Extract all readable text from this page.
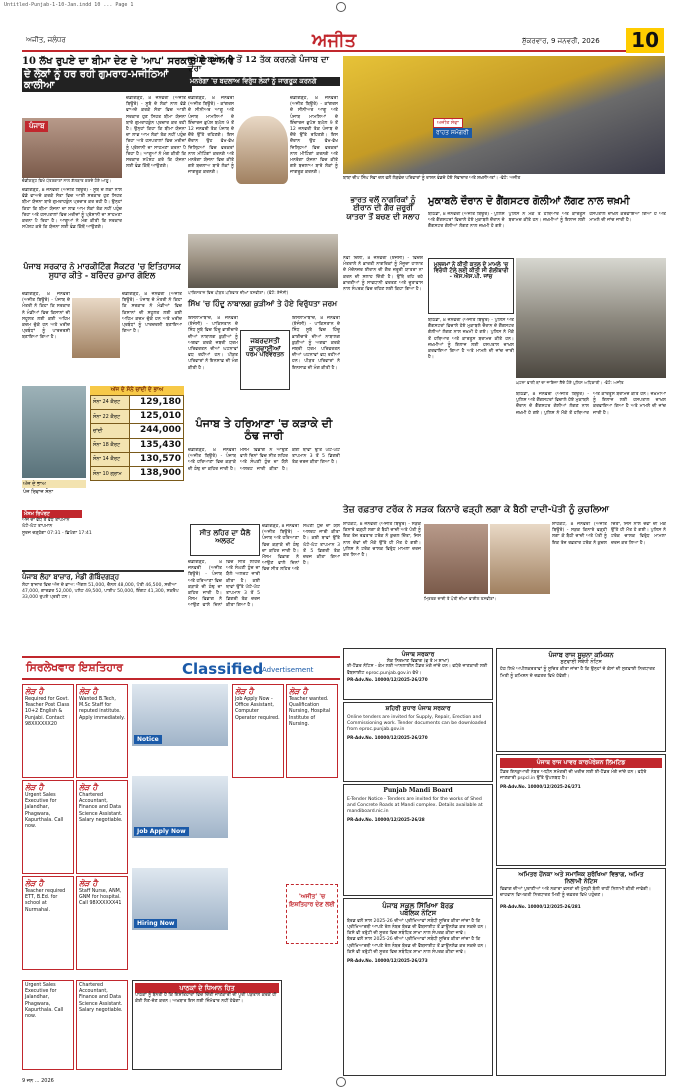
Untitled-Punjab-1-10-Jan.indd 10 ... Page 1
ਅਜੀਤ, ਜਲੰਧਰ	ਅਜੀਤ	ਸ਼ੁੱਕਰਵਾਰ, 9 ਜਨਵਰੀ, 2026 10
10 ਲੱਖ ਰੁਪਏ ਦਾ ਬੀਮਾ ਦੇਣ ਦੇ 'ਆਪ' ਸਰਕਾਰ ਦੇ ਦਾਅਵੇ
ਦੇ ਲੋਕਾਂ ਨੂੰ ਹਰ ਰਹੀ ਗੁਮਰਾਹ-ਮਜੀਠਿਆਂ ਕਾਲੀਆ
ਪੰਜਾਬ
ਚੰਡੀਗੜ੍ਹ ਵਿਖੇ ਪੱਤਰਕਾਰਾਂ ਨਾਲ ਗੱਲਬਾਤ ਕਰਦੇ ਹੋਏ ਆਗੂ।
ਚੰਡੀਗੜ੍ਹ, 8 ਜਨਵਰੀ (ਅਜੀਤ ਬਿਊਰੋ) - ਸੂਬੇ ਦੇ ਲੋਕਾਂ ਨਾਲ ਵੱਡੇ ਵਾਅਦੇ ਕਰਕੇ ਸੱਤਾ ਵਿਚ ਆਈ ਸਰਕਾਰ ਹੁਣ ਸਿਹਤ ਬੀਮਾ ਯੋਜਨਾ ਬਾਰੇ ਗੁਮਰਾਹਕੁੰਨ ਪ੍ਰਚਾਰ ਕਰ ਰਹੀ ਹੈ। ਉਨ੍ਹਾਂ ਕਿਹਾ ਕਿ ਬੀਮਾ ਯੋਜਨਾ ਦਾ ਲਾਭ ਆਮ ਲੋਕਾਂ ਤੱਕ ਨਹੀਂ ਪਹੁੰਚ ਰਿਹਾ ਅਤੇ ਹਸਪਤਾਲਾਂ ਵਿਚ ਮਰੀਜ਼ਾਂ ਨੂੰ ਪ੍ਰੇਸ਼ਾਨੀ ਦਾ ਸਾਹਮਣਾ ਕਰਨਾ ਪੈ ਰਿਹਾ ਹੈ। ਆਗੂਆਂ ਨੇ ਮੰਗ ਕੀਤੀ ਕਿ ਸਰਕਾਰ ਸਪੱਸ਼ਟ ਕਰੇ ਕਿ ਯੋਜਨਾ ਲਈ ਫੰਡ ਕਿੱਥੋਂ ਆਉਣਗੇ।
ਚੰਡੀਗੜ੍ਹ, 8 ਜਨਵਰੀ (ਅਜੀਤ ਬਿਊਰੋ) - ਸੂਬੇ ਦੇ ਲੋਕਾਂ ਨਾਲ ਵੱਡੇ ਵਾਅਦੇ ਕਰਕੇ ਸੱਤਾ ਵਿਚ ਆਈ ਸਰਕਾਰ ਹੁਣ ਸਿਹਤ ਬੀਮਾ ਯੋਜਨਾ ਬਾਰੇ ਗੁਮਰਾਹਕੁੰਨ ਪ੍ਰਚਾਰ ਕਰ ਰਹੀ ਹੈ। ਉਨ੍ਹਾਂ ਕਿਹਾ ਕਿ ਬੀਮਾ ਯੋਜਨਾ ਦਾ ਲਾਭ ਆਮ ਲੋਕਾਂ ਤੱਕ ਨਹੀਂ ਪਹੁੰਚ ਰਿਹਾ ਅਤੇ ਹਸਪਤਾਲਾਂ ਵਿਚ ਮਰੀਜ਼ਾਂ ਨੂੰ ਪ੍ਰੇਸ਼ਾਨੀ ਦਾ ਸਾਹਮਣਾ ਕਰਨਾ ਪੈ ਰਿਹਾ ਹੈ। ਆਗੂਆਂ ਨੇ ਮੰਗ ਕੀਤੀ ਕਿ ਸਰਕਾਰ ਸਪੱਸ਼ਟ ਕਰੇ ਕਿ ਯੋਜਨਾ ਲਈ ਫੰਡ ਕਿੱਥੋਂ ਆਉਣਗੇ।
ਭੁਪੇਸ਼ ਬਘੇਲ 9 ਤੋਂ 12 ਤੱਕ ਕਰਨਗੇ ਪੰਜਾਬ ਦਾ ਦੌਰਾ
ਮਨਰੇਗਾ 'ਚ ਬਦਲਾਅ ਵਿਰੁੱਧ ਲੋਕਾਂ ਨੂੰ ਜਾਗਰੂਕ ਕਰਨਗੇ
ਚੰਡੀਗੜ੍ਹ, 8 ਜਨਵਰੀ (ਅਜੀਤ ਬਿਊਰੋ) - ਕਾਂਗਰਸ ਦੇ ਸੀਨੀਅਰ ਆਗੂ ਅਤੇ ਪੰਜਾਬ ਮਾਮਲਿਆਂ ਦੇ ਇੰਚਾਰਜ ਭੁਪੇਸ਼ ਬਘੇਲ 9 ਤੋਂ 12 ਜਨਵਰੀ ਤੱਕ ਪੰਜਾਬ ਦੇ ਦੌਰੇ ਉੱਤੇ ਰਹਿਣਗੇ। ਇਸ ਦੌਰਾਨ ਉਹ ਵੱਖ-ਵੱਖ ਜ਼ਿਲ੍ਹਿਆਂ ਵਿਚ ਵਰਕਰਾਂ ਨਾਲ ਮੀਟਿੰਗਾਂ ਕਰਨਗੇ ਅਤੇ ਮਨਰੇਗਾ ਯੋਜਨਾ ਵਿਚ ਕੀਤੇ ਗਏ ਬਦਲਾਅ ਬਾਰੇ ਲੋਕਾਂ ਨੂੰ ਜਾਗਰੂਕ ਕਰਨਗੇ।
ਚੰਡੀਗੜ੍ਹ, 8 ਜਨਵਰੀ (ਅਜੀਤ ਬਿਊਰੋ) - ਕਾਂਗਰਸ ਦੇ ਸੀਨੀਅਰ ਆਗੂ ਅਤੇ ਪੰਜਾਬ ਮਾਮਲਿਆਂ ਦੇ ਇੰਚਾਰਜ ਭੁਪੇਸ਼ ਬਘੇਲ 9 ਤੋਂ 12 ਜਨਵਰੀ ਤੱਕ ਪੰਜਾਬ ਦੇ ਦੌਰੇ ਉੱਤੇ ਰਹਿਣਗੇ। ਇਸ ਦੌਰਾਨ ਉਹ ਵੱਖ-ਵੱਖ ਜ਼ਿਲ੍ਹਿਆਂ ਵਿਚ ਵਰਕਰਾਂ ਨਾਲ ਮੀਟਿੰਗਾਂ ਕਰਨਗੇ ਅਤੇ ਮਨਰੇਗਾ ਯੋਜਨਾ ਵਿਚ ਕੀਤੇ ਗਏ ਬਦਲਾਅ ਬਾਰੇ ਲੋਕਾਂ ਨੂੰ ਜਾਗਰੂਕ ਕਰਨਗੇ।
ਅਜੀਤ ਸੇਵਾ
ਰਾਹਤ ਸਮੱਗਰੀ
ਬਾਬਾ ਦੀਪ ਸਿੰਘ ਸੇਵਾ ਦਲ ਵਲੋਂ ਲੋੜਵੰਦ ਪਰਿਵਾਰਾਂ ਨੂੰ ਰਾਸ਼ਨ ਵੰਡਦੇ ਹੋਏ ਸੇਵਾਦਾਰ ਅਤੇ ਸ਼ਖ਼ਸੀਅਤਾਂ। -ਫੋਟੋ: ਅਜੀਤ
ਪੰਜਾਬ ਸਰਕਾਰ ਨੇ ਮਾਰਕੀਟਿੰਗ ਸੈਕਟਰ 'ਚ ਇਤਿਹਾਸਕ ਸੁਧਾਰ ਕੀਤੇ - ਬਰਿੰਦਰ ਕੁਮਾਰ ਗੋਇਲ
ਚੰਡੀਗੜ੍ਹ, 8 ਜਨਵਰੀ (ਅਜੀਤ ਬਿਊਰੋ) - ਪੰਜਾਬ ਦੇ ਮੰਤਰੀ ਨੇ ਕਿਹਾ ਕਿ ਸਰਕਾਰ ਨੇ ਮੰਡੀਆਂ ਵਿਚ ਕਿਸਾਨਾਂ ਦੀ ਸਹੂਲਤ ਲਈ ਕਈ ਅਹਿਮ ਕਦਮ ਚੁੱਕੇ ਹਨ ਅਤੇ ਖਰੀਦ ਪ੍ਰਬੰਧਾਂ ਨੂੰ ਪਾਰਦਰਸ਼ੀ ਬਣਾਇਆ ਗਿਆ ਹੈ।
ਚੰਡੀਗੜ੍ਹ, 8 ਜਨਵਰੀ (ਅਜੀਤ ਬਿਊਰੋ) - ਪੰਜਾਬ ਦੇ ਮੰਤਰੀ ਨੇ ਕਿਹਾ ਕਿ ਸਰਕਾਰ ਨੇ ਮੰਡੀਆਂ ਵਿਚ ਕਿਸਾਨਾਂ ਦੀ ਸਹੂਲਤ ਲਈ ਕਈ ਅਹਿਮ ਕਦਮ ਚੁੱਕੇ ਹਨ ਅਤੇ ਖਰੀਦ ਪ੍ਰਬੰਧਾਂ ਨੂੰ ਪਾਰਦਰਸ਼ੀ ਬਣਾਇਆ ਗਿਆ ਹੈ।
ਅੱਜ ਦੇ ਸੋਨੇ ਚਾਂਦੀ ਦੇ ਭਾਅ
ਸੋਨਾ 24 ਕੈਰਟ	129,180
ਸੋਨਾ 22 ਕੈਰਟ	125,010
ਚਾਂਦੀ	244,000
ਸੋਨਾ 18 ਕੈਰਟ	135,430
ਸੋਨਾ 14 ਕੈਰਟ	130,570
ਸੋਨਾ 10 ਗ੍ਰਾਮ	138,900
ਅੱਜ ਦੇ ਭਾਅ
ਪੰਜ ਰਿਵਾਜ ਸੋਨਾ
ਪਾਕਿਸਤਾਨ ਵਿਚ ਪੀੜਤ ਪਰਿਵਾਰ ਦੀਆਂ ਤਸਵੀਰਾਂ। (ਫੋਟੋ: ਏਜੰਸੀ)
ਸਿੱਖ 'ਚ ਹਿੰਦੂ ਨਾਬਾਲਗ ਕੁੜੀਆਂ ਤੇ ਹੋਏ ਵਿਰੁੱਧਤਾ ਜਰਮ
ਇਸਲਾਮਾਬਾਦ, 8 ਜਨਵਰੀ (ਏਜੰਸੀ) - ਪਾਕਿਸਤਾਨ ਦੇ ਸਿੰਧ ਸੂਬੇ ਵਿਚ ਹਿੰਦੂ ਭਾਈਚਾਰੇ ਦੀਆਂ ਨਾਬਾਲਗ ਕੁੜੀਆਂ ਨੂੰ ਅਗਵਾ ਕਰਕੇ ਜਬਰੀ ਧਰਮ ਪਰਿਵਰਤਨ ਦੀਆਂ ਘਟਨਾਵਾਂ ਵਧ ਰਹੀਆਂ ਹਨ। ਪੀੜਤ ਪਰਿਵਾਰਾਂ ਨੇ ਇਨਸਾਫ਼ ਦੀ ਮੰਗ ਕੀਤੀ ਹੈ।
ਜਬਰਦਸਤੀ
ਕਾਰਵਾਈਆਂ
ਧਰਮ ਪਰਿਵਰਤਨ
ਇਸਲਾਮਾਬਾਦ, 8 ਜਨਵਰੀ (ਏਜੰਸੀ) - ਪਾਕਿਸਤਾਨ ਦੇ ਸਿੰਧ ਸੂਬੇ ਵਿਚ ਹਿੰਦੂ ਭਾਈਚਾਰੇ ਦੀਆਂ ਨਾਬਾਲਗ ਕੁੜੀਆਂ ਨੂੰ ਅਗਵਾ ਕਰਕੇ ਜਬਰੀ ਧਰਮ ਪਰਿਵਰਤਨ ਦੀਆਂ ਘਟਨਾਵਾਂ ਵਧ ਰਹੀਆਂ ਹਨ। ਪੀੜਤ ਪਰਿਵਾਰਾਂ ਨੇ ਇਨਸਾਫ਼ ਦੀ ਮੰਗ ਕੀਤੀ ਹੈ।
ਪੰਜਾਬ ਤੇ ਹਰਿਆਣਾ 'ਚ ਕੜਾਕੇ ਦੀ ਠੰਢ ਜਾਰੀ
ਸੀਤ ਲਹਿਰ ਦਾ ਯੈਲੋ ਅਲਰਟ
ਚੰਡੀਗੜ੍ਹ, 8 ਜਨਵਰੀ (ਅਜੀਤ ਬਿਊਰੋ) - ਪੰਜਾਬ ਅਤੇ ਹਰਿਆਣਾ ਵਿਚ ਕੜਾਕੇ ਦੀ ਠੰਢ ਦਾ ਕਹਿਰ ਜਾਰੀ ਹੈ। ਮੌਸਮ ਵਿਭਾਗ ਨੇ ਆਉਣ ਵਾਲੇ ਦਿਨਾਂ ਵਿਚ ਸੀਤ ਲਹਿਰ ਅਤੇ ਸੰਘਣੀ ਧੁੰਦ ਦਾ ਯੈਲੋ ਅਲਰਟ ਜਾਰੀ ਕੀਤਾ ਹੈ। ਕਈ ਥਾਵਾਂ ਉੱਤੇ ਘੱਟੋ-ਘੱਟ ਤਾਪਮਾਨ 3 ਤੋਂ 5 ਡਿਗਰੀ ਤੱਕ ਦਰਜ ਕੀਤਾ ਗਿਆ ਹੈ।
ਚੰਡੀਗੜ੍ਹ, 8 ਜਨਵਰੀ (ਅਜੀਤ ਬਿਊਰੋ) - ਪੰਜਾਬ ਅਤੇ ਹਰਿਆਣਾ ਵਿਚ ਕੜਾਕੇ ਦੀ ਠੰਢ ਦਾ ਕਹਿਰ ਜਾਰੀ ਹੈ। ਮੌਸਮ ਵਿਭਾਗ ਨੇ ਆਉਣ ਵਾਲੇ ਦਿਨਾਂ ਵਿਚ ਸੀਤ ਲਹਿਰ ਅਤੇ ਸੰਘਣੀ ਧੁੰਦ ਦਾ ਯੈਲੋ ਅਲਰਟ ਜਾਰੀ ਕੀਤਾ ਹੈ। ਕਈ ਥਾਵਾਂ ਉੱਤੇ ਘੱਟੋ-ਘੱਟ ਤਾਪਮਾਨ 3 ਤੋਂ 5 ਡਿਗਰੀ ਤੱਕ ਦਰਜ ਕੀਤਾ ਗਿਆ ਹੈ।
ਚੰਡੀਗੜ੍ਹ, 8 ਜਨਵਰੀ (ਅਜੀਤ ਬਿਊਰੋ) - ਪੰਜਾਬ ਅਤੇ ਹਰਿਆਣਾ ਵਿਚ ਕੜਾਕੇ ਦੀ ਠੰਢ ਦਾ ਕਹਿਰ ਜਾਰੀ ਹੈ। ਮੌਸਮ ਵਿਭਾਗ ਨੇ ਆਉਣ ਵਾਲੇ ਦਿਨਾਂ ਵਿਚ ਸੀਤ ਲਹਿਰ ਅਤੇ ਸੰਘਣੀ ਧੁੰਦ ਦਾ ਯੈਲੋ ਅਲਰਟ ਜਾਰੀ ਕੀਤਾ ਹੈ। ਕਈ ਥਾਵਾਂ ਉੱਤੇ ਘੱਟੋ-ਘੱਟ ਤਾਪਮਾਨ 3 ਤੋਂ 5 ਡਿਗਰੀ ਤੱਕ ਦਰਜ ਕੀਤਾ ਗਿਆ ਹੈ।
ਮੌਸਮ ਰਿਪੋਰਟ
ਅੱਜ ਦਾ ਵੱਧ ਤੋਂ ਵੱਧ ਤਾਪਮਾਨ
ਘੱਟੋ-ਘੱਟ ਤਾਪਮਾਨ
ਸੂਰਜ ਚੜ੍ਹੇਗਾ 07:31 - ਛਿਪੇਗਾ 17:41
ਪੰਜਾਬ ਲੋਹਾ ਬਾਜ਼ਾਰ, ਮੰਡੀ ਗੋਬਿੰਦਗੜ੍ਹ
ਲੋਹਾ ਬਾਜ਼ਾਰ ਵਿਚ ਅੱਜ ਦੇ ਭਾਅ: ਐਂਗਲ 51,000, ਚੈਨਲ 48,000, ਪੱਤੀ 46,500, ਸਰੀਆ 47,000, ਗਾਰਡਰ 52,000, ਪਲੇਟ 49,500, ਪਾਈਪ 50,000, ਇੰਗਟ 41,300, ਸਕਰੈਪ 33,000 ਰੁਪਏ ਪ੍ਰਤੀ ਟਨ।
ਭਾਰਤ ਵਲੋਂ ਨਾਗਰਿਕਾਂ ਨੂੰ ਈਰਾਨ ਦੀ ਗੈਰ ਜ਼ਰੂਰੀ ਯਾਤਰਾ ਤੋਂ ਬਚਣ ਦੀ ਸਲਾਹ
ਨਵੀਂ ਦਿੱਲੀ, 8 ਜਨਵਰੀ (ਏਜੰਸੀ) - ਵਿਦੇਸ਼ ਮੰਤਰਾਲੇ ਨੇ ਭਾਰਤੀ ਨਾਗਰਿਕਾਂ ਨੂੰ ਮੌਜੂਦਾ ਹਾਲਾਤ ਦੇ ਮੱਦੇਨਜ਼ਰ ਈਰਾਨ ਦੀ ਗੈਰ ਜ਼ਰੂਰੀ ਯਾਤਰਾ ਨਾ ਕਰਨ ਦੀ ਸਲਾਹ ਦਿੱਤੀ ਹੈ। ਉੱਥੇ ਰਹਿ ਰਹੇ ਭਾਰਤੀਆਂ ਨੂੰ ਸਾਵਧਾਨੀ ਵਰਤਣ ਅਤੇ ਦੂਤਾਵਾਸ ਨਾਲ ਸੰਪਰਕ ਵਿਚ ਰਹਿਣ ਲਈ ਕਿਹਾ ਗਿਆ ਹੈ।
ਮੁਕਾਬਲੇ ਦੌਰਾਨ ਦੋ ਗੈਂਗਸਟਰ ਗੋਲੀਆਂ ਲੱਗਣ ਨਾਲ ਜ਼ਖ਼ਮੀ
ਬਠਿੰਡਾ, 8 ਜਨਵਰੀ (ਅਜੀਤ ਬਿਊਰੋ) - ਪੁਲਿਸ ਅਤੇ ਗੈਂਗਸਟਰਾਂ ਵਿਚਾਲੇ ਹੋਏ ਮੁਕਾਬਲੇ ਦੌਰਾਨ ਦੋ ਗੈਂਗਸਟਰ ਗੋਲੀਆਂ ਲੱਗਣ ਨਾਲ ਜ਼ਖ਼ਮੀ ਹੋ ਗਏ। ਪੁਲਿਸ ਨੇ ਮੌਕੇ ਤੋਂ ਹਥਿਆਰ ਅਤੇ ਕਾਰਤੂਸ ਬਰਾਮਦ ਕੀਤੇ ਹਨ। ਜ਼ਖ਼ਮੀਆਂ ਨੂੰ ਇਲਾਜ ਲਈ ਹਸਪਤਾਲ ਦਾਖ਼ਲ ਕਰਵਾਇਆ ਗਿਆ ਹੈ ਅਤੇ ਮਾਮਲੇ ਦੀ ਜਾਂਚ ਜਾਰੀ ਹੈ।
ਮੁਲਜ਼ਮਾਂ ਨੇ ਕੀਤੀ ਕਤਲ ਦੇ ਮਾਮਲੇ 'ਚ ਵਿਰੋਧੀ ਟੋਲੇ ਲਈ ਕੀਤੀ ਸੀ ਗੋਲੀਬਾਰੀ - ਐਸ.ਐਸ.ਪੀ. ਜਾਂਚ
ਘਟਨਾ ਵਾਲੀ ਥਾਂ ਦਾ ਜਾਇਜ਼ਾ ਲੈਂਦੇ ਹੋਏ ਪੁਲਿਸ ਅਧਿਕਾਰੀ। -ਫੋਟੋ: ਅਜੀਤ
ਬਠਿੰਡਾ, 8 ਜਨਵਰੀ (ਅਜੀਤ ਬਿਊਰੋ) - ਪੁਲਿਸ ਅਤੇ ਗੈਂਗਸਟਰਾਂ ਵਿਚਾਲੇ ਹੋਏ ਮੁਕਾਬਲੇ ਦੌਰਾਨ ਦੋ ਗੈਂਗਸਟਰ ਗੋਲੀਆਂ ਲੱਗਣ ਨਾਲ ਜ਼ਖ਼ਮੀ ਹੋ ਗਏ। ਪੁਲਿਸ ਨੇ ਮੌਕੇ ਤੋਂ ਹਥਿਆਰ ਅਤੇ ਕਾਰਤੂਸ ਬਰਾਮਦ ਕੀਤੇ ਹਨ। ਜ਼ਖ਼ਮੀਆਂ ਨੂੰ ਇਲਾਜ ਲਈ ਹਸਪਤਾਲ ਦਾਖ਼ਲ ਕਰਵਾਇਆ ਗਿਆ ਹੈ ਅਤੇ ਮਾਮਲੇ ਦੀ ਜਾਂਚ ਜਾਰੀ ਹੈ।
ਬਠਿੰਡਾ, 8 ਜਨਵਰੀ (ਅਜੀਤ ਬਿਊਰੋ) - ਪੁਲਿਸ ਅਤੇ ਗੈਂਗਸਟਰਾਂ ਵਿਚਾਲੇ ਹੋਏ ਮੁਕਾਬਲੇ ਦੌਰਾਨ ਦੋ ਗੈਂਗਸਟਰ ਗੋਲੀਆਂ ਲੱਗਣ ਨਾਲ ਜ਼ਖ਼ਮੀ ਹੋ ਗਏ। ਪੁਲਿਸ ਨੇ ਮੌਕੇ ਤੋਂ ਹਥਿਆਰ ਅਤੇ ਕਾਰਤੂਸ ਬਰਾਮਦ ਕੀਤੇ ਹਨ। ਜ਼ਖ਼ਮੀਆਂ ਨੂੰ ਇਲਾਜ ਲਈ ਹਸਪਤਾਲ ਦਾਖ਼ਲ ਕਰਵਾਇਆ ਗਿਆ ਹੈ ਅਤੇ ਮਾਮਲੇ ਦੀ ਜਾਂਚ ਜਾਰੀ ਹੈ।
ਤੇਜ਼ ਰਫ਼ਤਾਰ ਟਰੱਕ ਨੇ ਸੜਕ ਕਿਨਾਰੇ ਫੜ੍ਹੀ ਲਗਾ ਕੇ ਬੈਠੀ ਦਾਦੀ-ਪੋਤੀ ਨੂੰ ਕੁਚਲਿਆ
ਸ਼ਾਹਕੋਟ, 8 ਜਨਵਰੀ (ਅਜੀਤ ਬਿਊਰੋ) - ਸੜਕ ਕਿਨਾਰੇ ਫੜ੍ਹੀ ਲਗਾ ਕੇ ਬੈਠੀ ਦਾਦੀ ਅਤੇ ਪੋਤੀ ਨੂੰ ਇਕ ਤੇਜ਼ ਰਫ਼ਤਾਰ ਟਰੱਕ ਨੇ ਕੁਚਲ ਦਿੱਤਾ, ਜਿਸ ਨਾਲ ਦੋਵਾਂ ਦੀ ਮੌਕੇ ਉੱਤੇ ਹੀ ਮੌਤ ਹੋ ਗਈ। ਪੁਲਿਸ ਨੇ ਟਰੱਕ ਚਾਲਕ ਵਿਰੁੱਧ ਮਾਮਲਾ ਦਰਜ ਕਰ ਲਿਆ ਹੈ।
ਮ੍ਰਿਤਕ ਦਾਦੀ ਤੇ ਪੋਤੀ ਦੀਆਂ ਫਾਈਲ ਤਸਵੀਰਾਂ।
ਸ਼ਾਹਕੋਟ, 8 ਜਨਵਰੀ (ਅਜੀਤ ਬਿਊਰੋ) - ਸੜਕ ਕਿਨਾਰੇ ਫੜ੍ਹੀ ਲਗਾ ਕੇ ਬੈਠੀ ਦਾਦੀ ਅਤੇ ਪੋਤੀ ਨੂੰ ਇਕ ਤੇਜ਼ ਰਫ਼ਤਾਰ ਟਰੱਕ ਨੇ ਕੁਚਲ ਦਿੱਤਾ, ਜਿਸ ਨਾਲ ਦੋਵਾਂ ਦੀ ਮੌਕੇ ਉੱਤੇ ਹੀ ਮੌਤ ਹੋ ਗਈ। ਪੁਲਿਸ ਨੇ ਟਰੱਕ ਚਾਲਕ ਵਿਰੁੱਧ ਮਾਮਲਾ ਦਰਜ ਕਰ ਲਿਆ ਹੈ।
ਸਿਰਲੇਖਵਾਰ ਇਸ਼ਤਿਹਾਰ	Classified
Advertisement
ਲੋੜ ਹੈ
Required for Govt. Teacher Post Class 10+2 English & Punjabi. Contact 98XXXXXX20
ਲੋੜ ਹੈ
Wanted B.Tech, M.Sc Staff for reputed institute. Apply immediately.
ਲੋੜ ਹੈ
Urgent Sales Executive for Jalandhar, Phagwara, Kapurthala. Call now.
ਲੋੜ ਹੈ
Chartered Accountant, Finance and Data Science Assistant. Salary negotiable.
ਲੋੜ ਹੈ
Teacher required ETT, B.Ed. for school at Nurmahal.
ਲੋੜ ਹੈ
Staff Nurse, ANM, GNM for hospital. Call 98XXXXXX41
ਲੋੜ ਹੈ
Job Apply Now - Office Assistant, Computer Operator required.
ਲੋੜ ਹੈ
Teacher wanted. Qualification Nursing, Hospital Institute of Nursing.
Notice
Job Apply Now
Hiring Now
ਪਾਠਕਾਂ ਦੇ ਧਿਆਨ ਹਿਤ
ਪਾਠਕਾਂ ਨੂੰ ਬੇਨਤੀ ਹੈ ਕਿ ਇਸ਼ਤਿਹਾਰਾਂ ਵਿਚ ਦਿੱਤੀ ਜਾਣਕਾਰੀ ਦੀ ਪੂਰੀ ਪੜਤਾਲ ਕਰਕੇ ਹੀ ਕੋਈ ਲੈਣ-ਦੇਣ ਕਰਨ। ਅਖ਼ਬਾਰ ਇਸ ਲਈ ਜ਼ਿੰਮੇਵਾਰ ਨਹੀਂ ਹੋਵੇਗਾ।
'ਅਜੀਤ' 'ਚ ਇਸ਼ਤਿਹਾਰ ਦੇਣ ਲਈ
Urgent Sales Executive for Jalandhar, Phagwara, Kapurthala. Call now.
Chartered Accountant, Finance and Data Science Assistant. Salary negotiable.
ਪੰਜਾਬ ਸਰਕਾਰ
ਲੋਕ ਨਿਰਮਾਣ ਵਿਭਾਗ (ਭ ਤੇ ਮ ਸ਼ਾਖਾ)
ਈ-ਟੈਂਡਰ ਨੋਟਿਸ - ਕੰਮ ਲਈ ਆਨਲਾਈਨ ਟੈਂਡਰ ਮੰਗੇ ਜਾਂਦੇ ਹਨ। ਵਧੇਰੇ ਜਾਣਕਾਰੀ ਲਈ ਵੈੱਬਸਾਈਟ eproc.punjab.gov.in ਵੇਖੋ।
PR-Adv.No. 10000/12/2025-26/270
ਸ਼ਹਿਰੀ ਸੁਧਾਰ ਪੰਜਾਬ ਸਰਕਾਰ
Online tenders are invited for Supply, Repair, Erection and Commissioning work. Tender documents can be downloaded from eproc.punjab.gov.in
PR-Adv.No. 10000/12/2025-26/270
Punjab Mandi Board
E-Tender Notice - Tenders are invited for the works of Shed and Concrete Roads at Mandi complex. Details available at mandiboard.nic.in
PR-Adv.No. 10000/12/2025-26/28
ਪੰਜਾਬ ਸਕੂਲ ਸਿੱਖਿਆ ਬੋਰਡ
ਪਬਲਿਕ ਨੋਟਿਸ
ਬੋਰਡ ਵਲੋਂ ਸਾਲ 2025-26 ਦੀਆਂ ਪ੍ਰੀਖਿਆਵਾਂ ਸਬੰਧੀ ਸੂਚਿਤ ਕੀਤਾ ਜਾਂਦਾ ਹੈ ਕਿ ਪ੍ਰੀਖਿਆਰਥੀ ਆਪਣੇ ਰੋਲ ਨੰਬਰ ਬੋਰਡ ਦੀ ਵੈੱਬਸਾਈਟ ਤੋਂ ਡਾਊਨਲੋਡ ਕਰ ਸਕਦੇ ਹਨ। ਕਿਸੇ ਵੀ ਤਰੁੱਟੀ ਦੀ ਸੂਰਤ ਵਿਚ ਸਬੰਧਿਤ ਸ਼ਾਖਾ ਨਾਲ ਸੰਪਰਕ ਕੀਤਾ ਜਾਵੇ।
ਬੋਰਡ ਵਲੋਂ ਸਾਲ 2025-26 ਦੀਆਂ ਪ੍ਰੀਖਿਆਵਾਂ ਸਬੰਧੀ ਸੂਚਿਤ ਕੀਤਾ ਜਾਂਦਾ ਹੈ ਕਿ ਪ੍ਰੀਖਿਆਰਥੀ ਆਪਣੇ ਰੋਲ ਨੰਬਰ ਬੋਰਡ ਦੀ ਵੈੱਬਸਾਈਟ ਤੋਂ ਡਾਊਨਲੋਡ ਕਰ ਸਕਦੇ ਹਨ। ਕਿਸੇ ਵੀ ਤਰੁੱਟੀ ਦੀ ਸੂਰਤ ਵਿਚ ਸਬੰਧਿਤ ਸ਼ਾਖਾ ਨਾਲ ਸੰਪਰਕ ਕੀਤਾ ਜਾਵੇ।
PR-Adv.No. 10000/12/2025-26/273
ਪੰਜਾਬ ਰਾਜ ਸੂਚਨਾ ਕਮਿਸ਼ਨ
ਸੁਣਵਾਈ ਸਬੰਧੀ ਨੋਟਿਸ
ਹੇਠ ਲਿਖੇ ਅਪੀਲਕਰਤਾਵਾਂ ਨੂੰ ਸੂਚਿਤ ਕੀਤਾ ਜਾਂਦਾ ਹੈ ਕਿ ਉਨ੍ਹਾਂ ਦੇ ਕੇਸਾਂ ਦੀ ਸੁਣਵਾਈ ਨਿਰਧਾਰਤ ਮਿਤੀ ਨੂੰ ਕਮਿਸ਼ਨ ਦੇ ਦਫ਼ਤਰ ਵਿਖੇ ਹੋਵੇਗੀ।
ਪੰਜਾਬ ਰਾਜ ਪਾਵਰ ਕਾਰਪੋਰੇਸ਼ਨ ਲਿਮਟਿਡ
ਟੈਂਡਰ ਇਨਕੁਆਰੀ ਨੰਬਰ ਅਧੀਨ ਸਮੱਗਰੀ ਦੀ ਖਰੀਦ ਲਈ ਈ-ਟੈਂਡਰ ਮੰਗੇ ਜਾਂਦੇ ਹਨ। ਵਧੇਰੇ ਜਾਣਕਾਰੀ pspcl.in ਉੱਤੇ ਉਪਲਬਧ ਹੈ।
PR-Adv.No. 10000/12/2025-26/271
ਅਮਿਤਰ ਹੋਂਨਕਾ ਅਤੇ ਸਮਾਜਿਕ ਸੁਰੱਖਿਆ ਵਿਭਾਗ, ਅਮਿਤ
ਨਿਲਾਮੀ ਨੋਟਿਸ
ਵਿਭਾਗ ਦੀਆਂ ਪੁਰਾਣੀਆਂ ਅਤੇ ਨਕਾਰਾ ਵਸਤਾਂ ਦੀ ਖੁੱਲ੍ਹੀ ਬੋਲੀ ਰਾਹੀਂ ਨਿਲਾਮੀ ਕੀਤੀ ਜਾਵੇਗੀ। ਚਾਹਵਾਨ ਵਿਅਕਤੀ ਨਿਰਧਾਰਤ ਮਿਤੀ ਨੂੰ ਦਫ਼ਤਰ ਵਿਖੇ ਪਹੁੰਚਣ।
PR-Adv.No. 10000/12/2025-26/281
9 ਜਨ ... 2026
